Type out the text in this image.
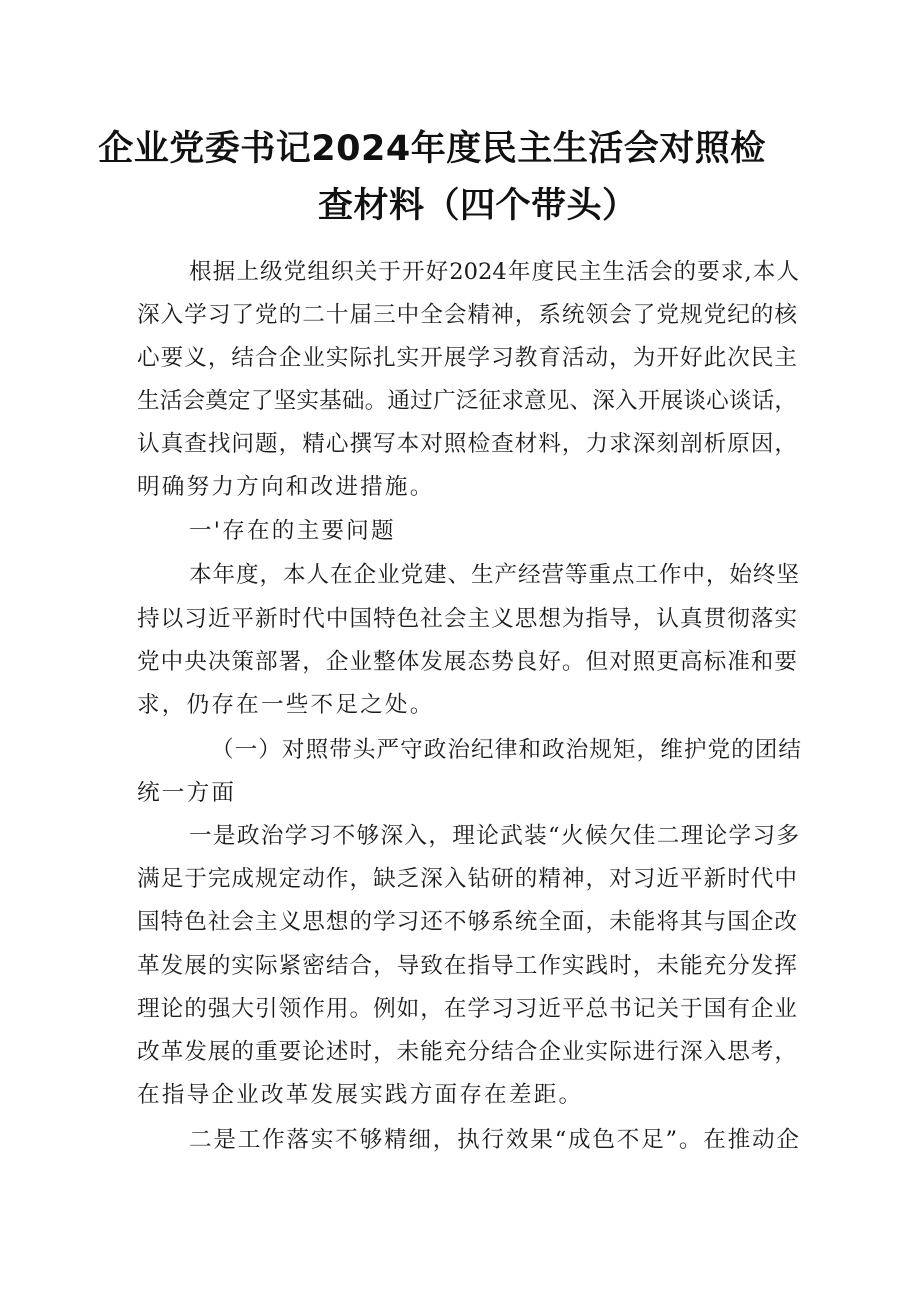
企业党委书记2024年度民主生活会对照检
查材料（四个带头）
根据上级党组织关于开好2024年度民主生活会的要求,本人
深入学习了党的二十届三中全会精神，系统领会了党规党纪的核
心要义，结合企业实际扎实开展学习教育活动，为开好此次民主
生活会奠定了坚实基础。通过广泛征求意见、深入开展谈心谈话，
认真查找问题，精心撰写本对照检查材料，力求深刻剖析原因，
明确努力方向和改进措施。
一'存在的主要问题
本年度，本人在企业党建、生产经营等重点工作中，始终坚
持以习近平新时代中国特色社会主义思想为指导，认真贯彻落实
党中央决策部署，企业整体发展态势良好。但对照更高标准和要
求，仍存在一些不足之处。
（一）对照带头严守政治纪律和政治规矩，维护党的团结
统一方面
一是政治学习不够深入，理论武装“火候欠佳二理论学习多
满足于完成规定动作，缺乏深入钻研的精神，对习近平新时代中
国特色社会主义思想的学习还不够系统全面，未能将其与国企改
革发展的实际紧密结合，导致在指导工作实践时，未能充分发挥
理论的强大引领作用。例如，在学习习近平总书记关于国有企业
改革发展的重要论述时，未能充分结合企业实际进行深入思考，
在指导企业改革发展实践方面存在差距。
二是工作落实不够精细，执行效果“成色不足”。在推动企
